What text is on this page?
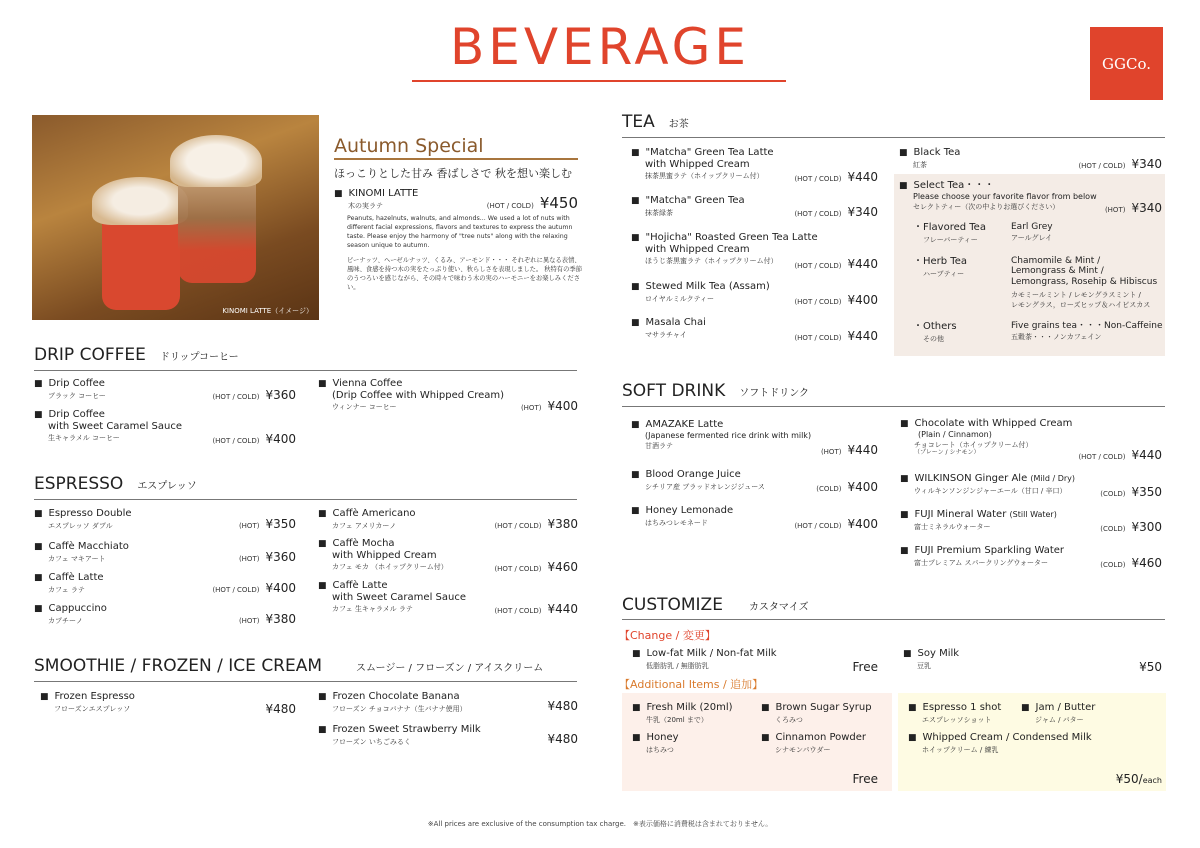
BEVERAGE	GGCo.
KINOMI LATTE（イメージ）
Autumn Special
ほっこりとした甘み 香ばしさで 秋を想い楽しむ
■ KINOMI LATTE
木の実ラテ	(HOT / COLD) ¥450
Peanuts, hazelnuts, walnuts, and almonds... We used a lot of nuts with different facial expressions, flavors and textures to express the autumn taste. Please enjoy the harmony of "tree nuts" along with the relaxing season unique to autumn.
ピーナッツ、ヘーゼルナッツ、くるみ、アーモンド・・・ それぞれに異なる表情、風味、食感を持つ木の実をたっぷり使い、秋らしさを表現しました。 秋特有の季節のうつろいを感じながら、その時々で味わう木の実のハーモニーをお楽しみください。
DRIP COFFEE ドリップコーヒー
■ Drip Coffee
ブラック コーヒー	(HOT / COLD) ¥360
■ Drip Coffee
with Sweet Caramel Sauce
生キャラメル コーヒー	(HOT / COLD) ¥400
■ Vienna Coffee
(Drip Coffee with Whipped Cream)
ウィンナー コーヒー	(HOT) ¥400
ESPRESSO エスプレッソ
■ Espresso Double
エスプレッソ ダブル	(HOT) ¥350
■ Caffè Macchiato
カフェ マキアート	(HOT) ¥360
■ Caffè Latte
カフェ ラテ	(HOT / COLD) ¥400
■ Cappuccino
カプチーノ	(HOT) ¥380
■ Caffè Americano
カフェ アメリカーノ	(HOT / COLD) ¥380
■ Caffè Mocha
with Whipped Cream
カフェ モカ （ホイップクリーム付）	(HOT / COLD) ¥460
■ Caffè Latte
with Sweet Caramel Sauce
カフェ 生キャラメル ラテ	(HOT / COLD) ¥440
SMOOTHIE / FROZEN / ICE CREAM	スムージー / フローズン / アイスクリーム
■ Frozen Espresso
フローズンエスプレッソ	¥480
■ Frozen Chocolate Banana
フローズン チョコバナナ（生バナナ使用）	¥480
■ Frozen Sweet Strawberry Milk
フローズン いちごみるく	¥480
TEA お茶
■ "Matcha" Green Tea Latte
with Whipped Cream
抹茶黒蜜ラテ（ホイップクリーム付）	(HOT / COLD) ¥440
■ "Matcha" Green Tea
抹茶緑茶	(HOT / COLD) ¥340
■ "Hojicha" Roasted Green Tea Latte
with Whipped Cream
ほうじ茶黒蜜ラテ（ホイップクリーム付）
(HOT / COLD) ¥440
■ Stewed Milk Tea (Assam)
ロイヤルミルクティー	(HOT / COLD) ¥400
■ Masala Chai
マサラチャイ	(HOT / COLD) ¥440
■ Black Tea
紅茶	(HOT / COLD) ¥340
■ Select Tea・・・
Please choose your favorite flavor from below
セレクトティー（次の中よりお選びください）	(HOT) ¥340
・Flavored Tea
フレーバーティー
Earl Grey
アールグレイ
・Herb Tea
ハーブティー
Chamomile & Mint /
Lemongrass & Mint /
Lemongrass, Rosehip & Hibiscus
カモミールミント / レモングラスミント /
レモングラス，ローズヒップ＆ハイビスカス
・Others
その他
Five grains tea・・・Non-Caffeine
五穀茶・・・ノンカフェイン
SOFT DRINK ソフトドリンク
■ AMAZAKE Latte
(Japanese fermented rice drink with milk)
甘酒ラテ
(HOT) ¥440
■ Blood Orange Juice
シチリア産 ブラッドオレンジジュース	(COLD) ¥400
■ Honey Lemonade
はちみつレモネード	(HOT / COLD) ¥400
■ Chocolate with Whipped Cream
(Plain / Cinnamon)
チョコレート（ホイップクリーム付）
（プレーン / シナモン）
(HOT / COLD) ¥440
■ WILKINSON Ginger Ale (Mild / Dry)
ウィルキンソンジンジャーエール（甘口 / 辛口）	(COLD) ¥350
■ FUJI Mineral Water (Still Water)
富士ミネラルウォーター	(COLD) ¥300
■ FUJI Premium Sparkling Water
富士プレミアム スパークリングウォーター	(COLD) ¥460
CUSTOMIZE	カスタマイズ
【Change / 変更】
■ Low-fat Milk / Non-fat Milk
低脂肪乳 / 無脂肪乳	Free
■ Soy Milk
豆乳	¥50
【Additional Items / 追加】
■ Fresh Milk (20ml)
牛乳（20ml まで）
■ Brown Sugar Syrup
くろみつ
■ Honey
はちみつ
■ Cinnamon Powder
シナモンパウダー
Free
■ Espresso 1 shot
エスプレッソショット
■ Jam / Butter
ジャム / バター
■ Whipped Cream / Condensed Milk
ホイップクリーム / 練乳
¥50/each
※All prices are exclusive of the consumption tax charge.　※表示価格に消費税は含まれておりません。
